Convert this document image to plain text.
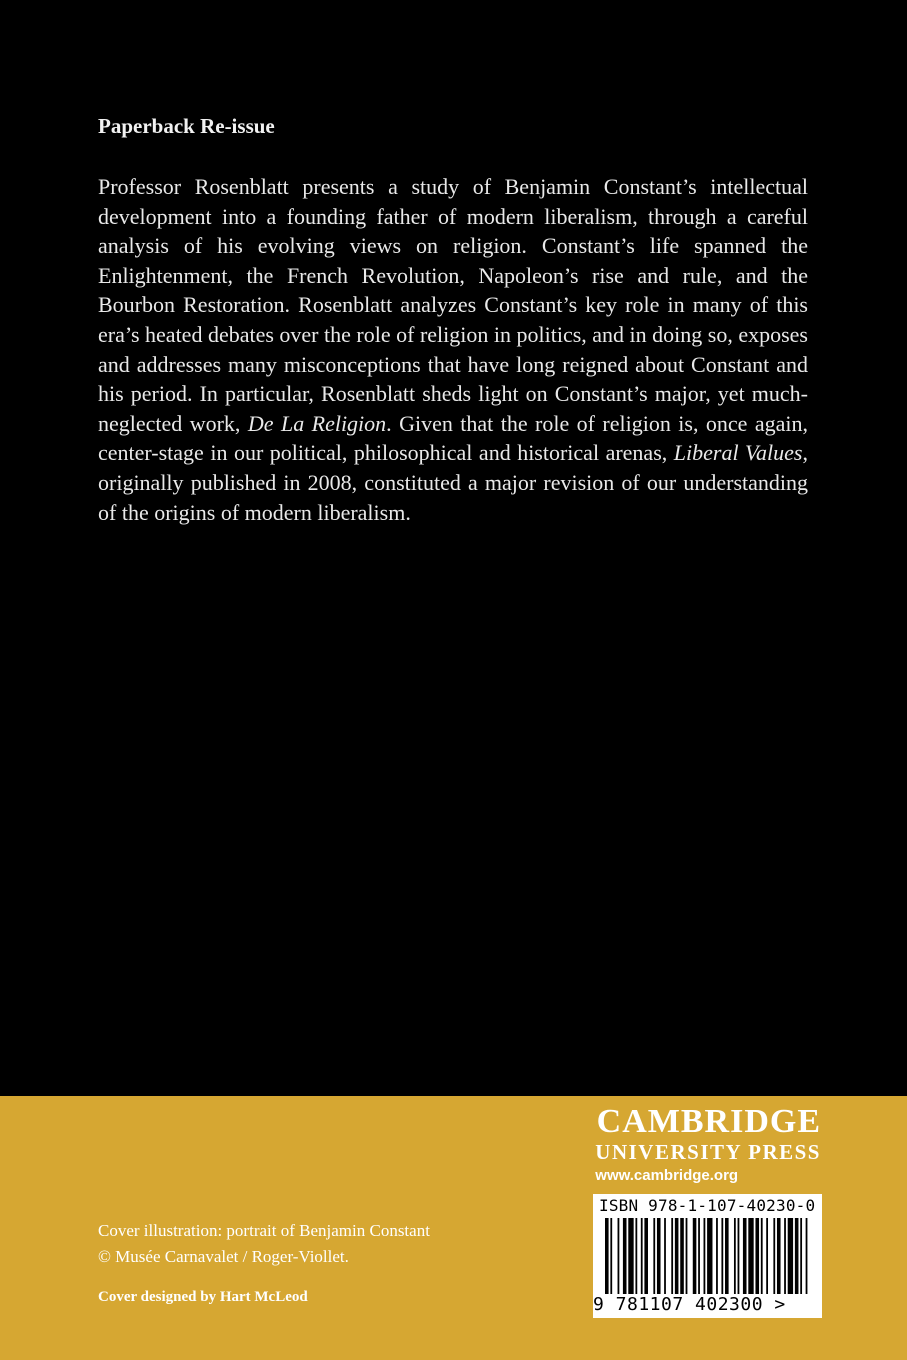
Paperback Re-issue

Professor Rosenblatt presents a study of Benjamin Constant’s intellectual development into a founding father of modern liberalism, through a careful analysis of his evolving views on religion. Constant’s life spanned the Enlightenment, the French Revolution, Napoleon’s rise and rule, and the Bourbon Restoration. Rosenblatt analyzes Constant’s key role in many of this era’s heated debates over the role of religion in politics, and in doing so, exposes and addresses many misconceptions that have long reigned about Constant and his period. In particular, Rosenblatt sheds light on Constant’s major, yet much-neglected work, De La Religion. Given that the role of religion is, once again, center-stage in our political, philosophical and historical arenas, Liberal Values, originally published in 2008, constituted a major revision of our understanding of the origins of modern liberalism.

CAMBRIDGE
UNIVERSITY PRESS
www.cambridge.org
Cover illustration: portrait of Benjamin Constant
© Musée Carnavalet / Roger-Viollet.
Cover designed by Hart McLeod
ISBN 978-1-107-40230-0
9 781107 402300 >
